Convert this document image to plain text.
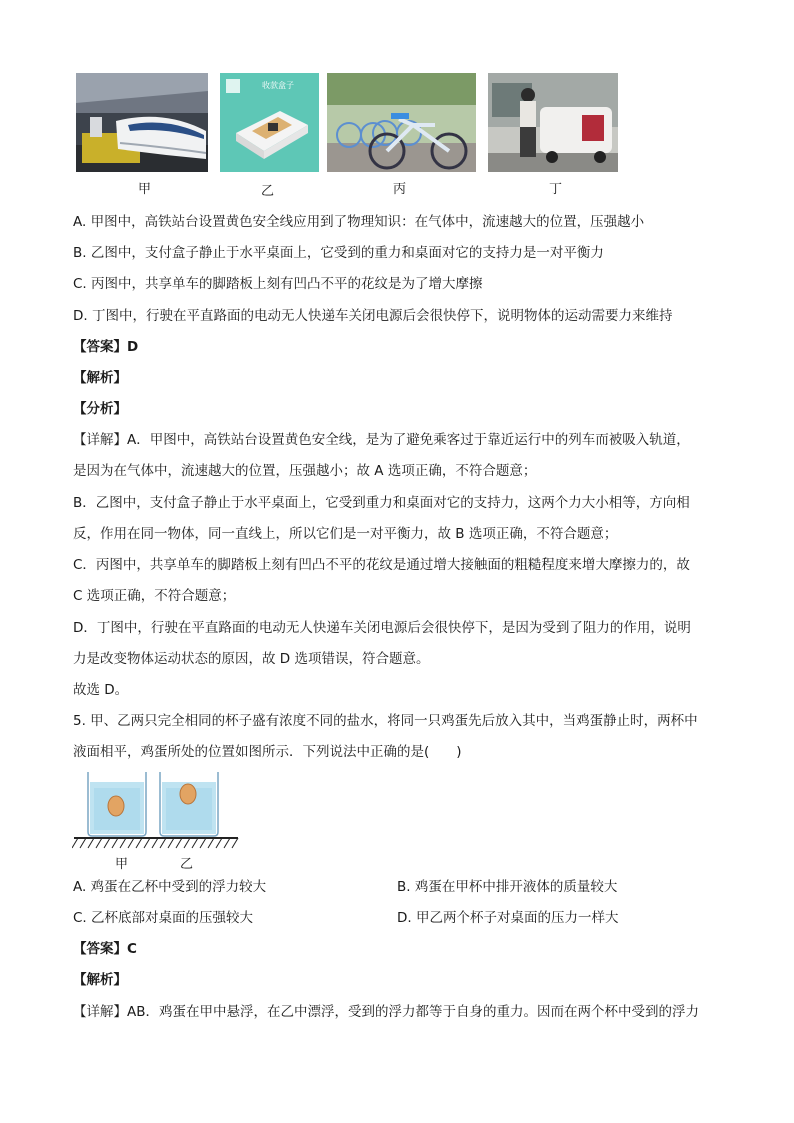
收款盒子
甲	乙	丙	丁
A. 甲图中，高铁站台设置黄色安全线应用到了物理知识：在气体中，流速越大的位置，压强越小
B. 乙图中，支付盒子静止于水平桌面上，它受到的重力和桌面对它的支持力是一对平衡力
C. 丙图中，共享单车的脚踏板上刻有凹凸不平的花纹是为了增大摩擦
D. 丁图中，行驶在平直路面的电动无人快递车关闭电源后会很快停下，说明物体的运动需要力来维持
【答案】D
【解析】
【分析】
【详解】A．甲图中，高铁站台设置黄色安全线，是为了避免乘客过于靠近运行中的列车而被吸入轨道，
是因为在气体中，流速越大的位置，压强越小；故 A 选项正确，不符合题意；
B．乙图中，支付盒子静止于水平桌面上，它受到重力和桌面对它的支持力，这两个力大小相等，方向相
反，作用在同一物体，同一直线上，所以它们是一对平衡力，故 B 选项正确，不符合题意；
C．丙图中，共享单车的脚踏板上刻有凹凸不平的花纹是通过增大接触面的粗糙程度来增大摩擦力的，故
C 选项正确，不符合题意；
D．丁图中，行驶在平直路面的电动无人快递车关闭电源后会很快停下，是因为受到了阻力的作用，说明
力是改变物体运动状态的原因，故 D 选项错误，符合题意。
故选 D。
5. 甲、乙两只完全相同的杯子盛有浓度不同的盐水，将同一只鸡蛋先后放入其中，当鸡蛋静止时，两杯中
液面相平，鸡蛋所处的位置如图所示．下列说法中正确的是(　　)
甲	乙
A. 鸡蛋在乙杯中受到的浮力较大	B. 鸡蛋在甲杯中排开液体的质量较大
C. 乙杯底部对桌面的压强较大	D. 甲乙两个杯子对桌面的压力一样大
【答案】C
【解析】
【详解】AB．鸡蛋在甲中悬浮，在乙中漂浮，受到的浮力都等于自身的重力。因而在两个杯中受到的浮力
